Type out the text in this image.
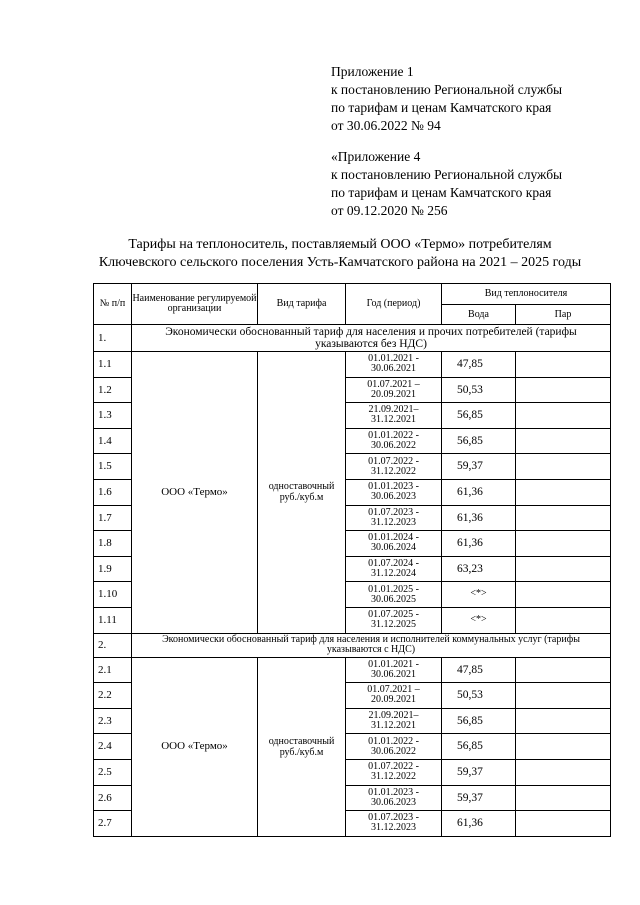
Приложение 1
к постановлению Региональной службы
по тарифам и ценам Камчатского края
от 30.06.2022 № 94
«Приложение 4
к постановлению Региональной службы
по тарифам и ценам Камчатского края
от 09.12.2020 № 256
Тарифы на теплоноситель, поставляемый ООО «Термо» потребителям
Ключевского сельского поселения Усть-Камчатского района на 2021 – 2025 годы
№ п/п	Наименование регулируемой организации	Вид тарифа	Год (период)	Вид теплоносителя	
				Вода	Пар
1.	Экономически обоснованный тариф для населения и прочих потребителей (тарифы указываются без НДС)				
1.1	ООО «Термо»	одноставочный руб./куб.м	01.01.2021 -
30.06.2021	47,85	
1.2			01.07.2021 –
20.09.2021	50,53	
1.3			21.09.2021–
31.12.2021	56,85	
1.4			01.01.2022 -
30.06.2022	56,85	
1.5			01.07.2022 -
31.12.2022	59,37	
1.6			01.01.2023 -
30.06.2023	61,36	
1.7			01.07.2023 -
31.12.2023	61,36	
1.8			01.01.2024 -
30.06.2024	61,36	
1.9			01.07.2024 -
31.12.2024	63,23	
1.10			01.01.2025 -
30.06.2025	<*>	
1.11			01.07.2025 -
31.12.2025	<*>	
2.	Экономически обоснованный тариф для населения и исполнителей коммунальных услуг (тарифы указываются с НДС)				
2.1	ООО «Термо»	одноставочный руб./куб.м	01.01.2021 -
30.06.2021	47,85	
2.2			01.07.2021 –
20.09.2021	50,53	
2.3			21.09.2021–
31.12.2021	56,85	
2.4			01.01.2022 -
30.06.2022	56,85	
2.5			01.07.2022 -
31.12.2022	59,37	
2.6			01.01.2023 -
30.06.2023	59,37	
2.7			01.07.2023 -
31.12.2023	61,36	
